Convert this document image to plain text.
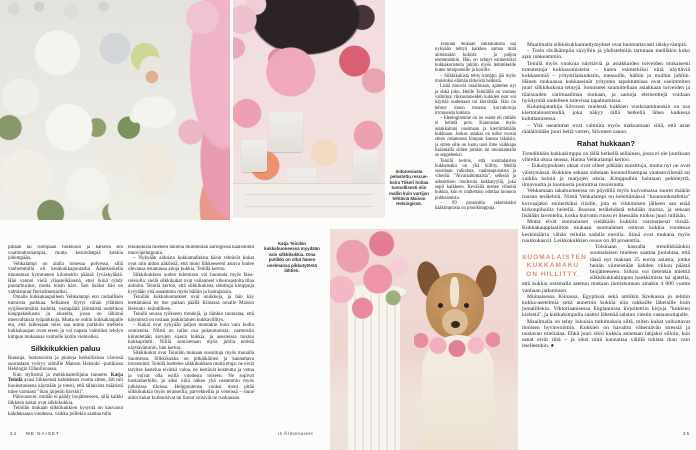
pihaan tai isompaan ruukkuun ja katsella sen vaatimattomampia, mutta kestävämpiä kukkia pidempään.

Vehkalampi on alalla toisessa polvessa, sillä vanhemmilla oli kesäkukkapuutarha Äänekoskella muutaman kymmenen kilometrin päässä Jyväskylästä. Hän vannoi vielä yläasteikäisenä, ettei ikinä ryhdy puutarhuriksi, mutta toisin kävi. Sen lisäksi hän on valmistunut floristimestariksi.

Omalle kukkakaupalleen Vehkalampi etsi rauhallisen tuntuista paikkaa. Sellainen löytyi vähän yllättäen syrjäisemmältä kadulta, vastapäätä jätimäistä uudehkoa kauppakeskusta ja alueelta, jossa on lähinnä miesvaltaisia työpaikkoja. Mutta se onkin kukkakaupalle etu, että tullessaan mies saa auton parkkiin melkein kukkakaupan oven eteen ja voi napata valmiiksi tehdyn kimpun mukaansa vaimolle kotiin viemisiksi.

Silkkikukkien paluu

Ruusuja, hortensioita ja pioneja herkullisissa väreissä suorastaan vyöryy silmille Maison Helsinki -putiikissa Helsingin Ullanlinnassa.

Kun stylistinä ja meikkitaiteilijana tunnettu Katja Teinilä avasi liikkeensä kahdeksan vuotta sitten, äiti tuli huolestuneena käymään ja totesi, että tällaisista määristä tulee varmasti "ihan järjetön hävikki".

Päinvastoin: mitään ei päädy biojätteeseen, sillä kaikki liikkeen kukat ovat silkkikukkia.

Teinilän mukaan silkkikukkien kysyntä on kasvanut kahdeksassa vuodessa, vaikka joillekin saattaa tulla

tekokukista mieleen lähinnä mummolan auringossa haalistunut muovipelargonia.

– Nykyään aidoista kukkamalleista käsin tehtävät kukat ovat niin aidon näköisiä, että moni liikkeeseeni astuva luulee olevansa ostamassa aitoja kukkia, Teinilä kertoo.

Silkkikukkien uuden tulemisen voi huomata myös Ikea-reissulla: siellä silkkikukat ovat vallanneet viherosastolta tilaa aidoilta. Teinilä kertoo, että silkkikukista sidottuja kimppuja kysytään yhä useammin myös häihin ja hautajaisiin.

Teinilän kukkaluomukset ovat uniikkeja, ja hän käy teettämässä ne itse paikan päällä Kiinassa omalle Maison Helsinki -brändilleen.

Teinilä seuraa työkseen trendejä, ja hänkin tunnistaa, että käynnissä on tosiaan jonkinlainen kukkavillitys.

– Kukat ovat nykyään paljon muutakin kuin vain kodin somisteita. Niistä on tullut osa pukeutumista: vaatteisiin kiinnitetään korujen sijasta kukkia, ja asusteissa toistuu kukkaprintti. Niillä somistetaan myös juhlia entistä näyttävämmin, hän kertoo.

Silkkikukat ovat Teinilän mukaan suosittuja myös muualla Suomessa. Silkkikukka on pitkäikäinen ja kannattava investointi. Teinilä luettelee silkkikukkien muita etuja: ne eivät tarvitse kastelua eivätkä valoa, ne kestävät kosteutta ja vetoa ja voivat olla esillä vuodesta toiseen. Ne sopivat tuoksuherkille, ja siksi niitä näkee yhä useammin myös julkisissa tiloissa. Helppoutensa vuoksi moni pitää silkkikukkia myös terasseilla, parvekkeilla ja veneissä – sinne aidot kukat kuihtuisivat tai linnut veisivät ne ruokanaan.

Katja Teinilän kukkahuoneessa myydään vain silkkikukkia. Oma putiikki on ollut hänen unelmansa pikkutytöstä lähtien.
Indonesiasta pelastettu rescue-koira Tiikeri hoitaa tunnollisesti niin mallin kuin vartijan tehtäviä Maison Helsingissä.

Teinilän mukaan silkkikukista saa nykyään tehtyä kaikkea samaa mitä aidoistakin kukista – ja paljon enemmänkin. Hän on tehnyt esimerkiksi kukkakoristeita juhliin myös lemmikeille kuten miniponeille ja koirille.

– Silkkikukista tehty kimppu jää myös muistoksi elämän tärkeistä hetkistä.

Lisää muovia maailmaan, ajattelee nyt ja ehkä joku. Heille Teinilällä on vastaus valmiina: rikkoutuneiden kukkien osat voi käyttää uudestaan tai kierrättää. Hän on tehnyt muun muassa korvakoruja irronneista kukista.

– Ideologiamme on no waste eli mitään ei heitetä pois. Kannustan myös asiakkaitani uusimaan ja kierrättämään kukkiaan. Joskus asiakas on tullut vuosia sitten ostamansa kimpun kanssa takaisin, ja sitten sille on luotu uusi ilme vaikkapa lisäämällä siihen jotakin tai muuntamalla se seppeleeksi.

Teinilä kertoo, että suomalaisten kukkamaku on yhä hillitty. Meillä suositaan valkoista, vaaleanpunaista ja vihreää. "Alvaraaltomaista", selkeää ja askeettisen modernia kukkatyyliä, joka sopii kaikkeen. Keväällä menee vihreitä kukkia, kun ei maltettaisi odottaa luonnon puhkeamista.

– 99 prosenttia tekemistäni hääkimpuista on pionikimppuja.

Maailmalla silkkikukkamieltymykset ovat huomattavasti räiskyvämpiä.

– Tosin räväkämpiin sävyihin ja yhdistelmiin tartutaan meilläkin koko ajan rohkeammin.

Teinilä myös vuokraa näyttäviä ja asiakkaiden toiveiden mukaisesti toteutettuja kukkasomisteita – kuten esimerkiksi niitä näyttäviä kukkaseiniä – yritystilaisuuksiin, messuille, häihin ja muihin juhliin. Hänen mukaansa kukkaseinät yritysten tapahtumissa ovat useimmiten juuri silkkikukista tehtyjä. Somisteet suunnitellaan asiakkaan toiveiden ja tilaisuuden värimaailman mukaan, ja samoja elementtejä voidaan hyödyntää uudelleen tulevissa tapahtumissa.

Kuluttajatutkija Silvosen mielestä kukkien vuokraaminenkin on osa kiertotaloustrendiä, joka näkyy tällä hetkellä lähes kaikessa kuluttamisessa.

– Yhä useammat ovat valmiita myös maksamaan siitä, että asiat räätälöidään juuri heitä varten, Silvonen sanoo.

Rahat hukkaan?

Trendikkäin kukkakimppu on tällä hetkellä sellainen, jossa ei ole juurikaan vihreitä oksia seassa, Hanna Vehkalampi kertoo.

– Eukalyptuksen oksat ovat olleet pitkään suosittuja, mutta nyt ne ovat väistymässä. Kukkien sekaan sidotaan luonnollisempaa vaaleanvihreää tai vaikka heiniä ja marjojen oksia. Kimppuihin halutaan pehmeyttä, ilmavuutta ja luonnosta poimittua rosoisuutta.

Vehkamaan takahuoneessa on pöydillä myös kuivumassa suuret määrät ruusun terälehtiä. Niistä Vehkalampi on kehittämässä "luonnonkonfettia" korvaajaksi esimerkiksi riisille, jota ei vihkimisen jälkeen saa enää kirkonpihoilla heitellä. Ruusun terälehdistä tehdään murua, ja sekaan lisätään laventelia, koska kuivattu ruusu ei itsessään tuoksu juuri miltään.

Mutta eivät suomalaiset vieläkään kukkiin varsinaisesti törsää. Kukkakauppiasliiton mukaan suomalaiset ostavat kukkia vuodessa keskimäärin vähän reilulla sadalla eurolla. Siinä ovat mukana myös ruukkukasvit. Leikkokukkien osuus on 40 prosenttia.

SUOMALAISTEN
KUKKAMAKU
ON HILLITTY.

Toisinaan kassalla trendikkäänkin suomalaisen mieleen saattaa juolahtaa, että tässä nyt maksan 25 euroa asiasta, jonka heitän viimeistään kahden viikon päästä biojätteeseen. Silloin voi tietenkin miettiä silkkikukkakimpun hankkimista tai ajatella, että kukkia ostamalla asettuu mukaan ihmiskunnan ainakin 4 000 vuotta vanhaan jatkumoon.

Muinaisessa Kiinassa, Egyptissä sekä antiikin Kreikassa jo tehtiin kukka-asetelmia sekä annettiin kukkia niin rakkaille läheisille kuin jumalillekin. Viktoriaanisessa Englannissa kirjoitettiin kirjoja "kukkien kielestä", ja kukkakimpulla saattoi lähettää salatun viestin vastaanottajalle.

Maailmalla on tehty lukuisia tutkimuksia siitä, miten kukat vaikuttavat ihmisen hyvinvointiin. Kukkien on havaittu vähentävän stressiä ja nostavan mielialaa. Ehkä juuri siksi kukkia annetaan lahjaksi silloin, kun sanat eivät riitä – ja siksi niitä kannattaa välillä tuhlata ihan vain itselleenkin. ●

24 ME NAISET	is.fi/menaiset	25
